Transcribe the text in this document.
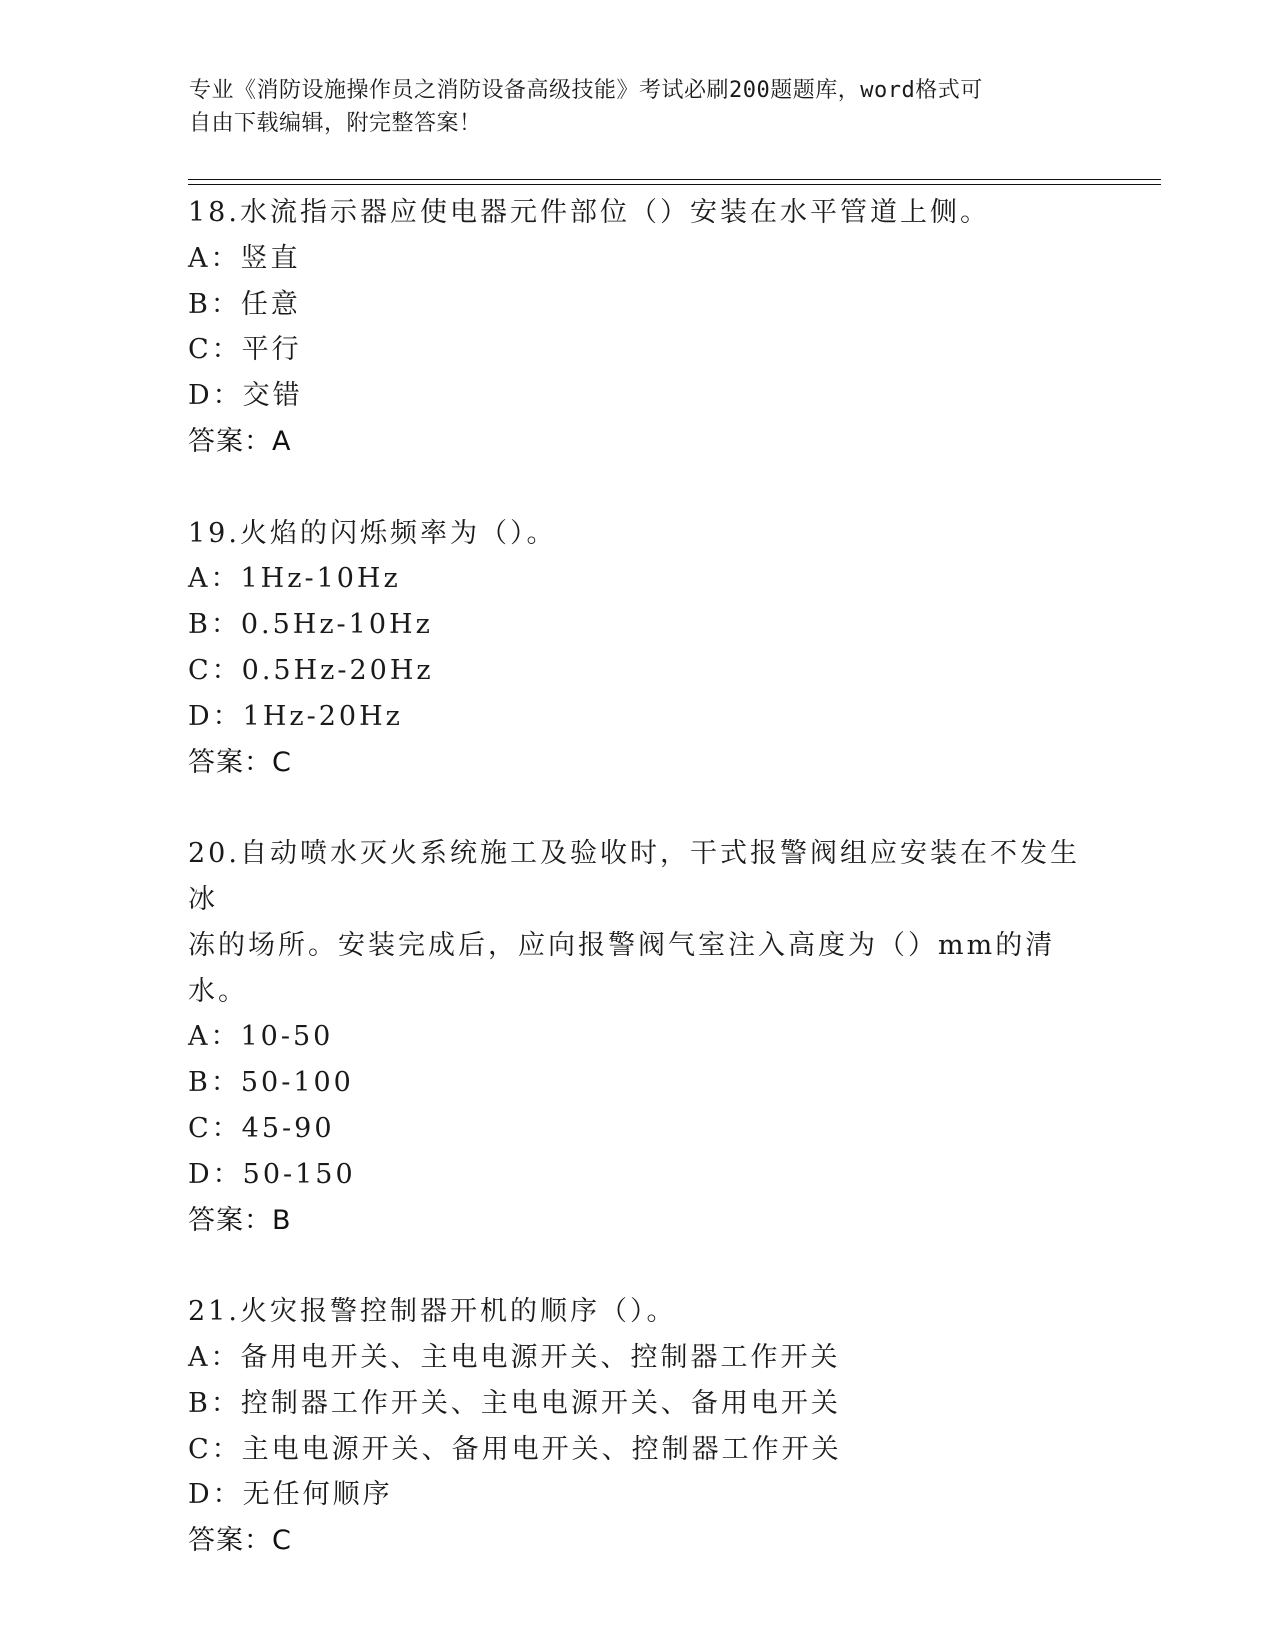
专业《消防设施操作员之消防设备高级技能》考试必刷200题题库，word格式可
自由下载编辑，附完整答案！
18.水流指示器应使电器元件部位（）安装在水平管道上侧。
A：竖直
B：任意
C：平行
D：交错
答案：A
19.火焰的闪烁频率为（）。
A：1Hz-10Hz
B：0.5Hz-10Hz
C：0.5Hz-20Hz
D：1Hz-20Hz
答案：C
20.自动喷水灭火系统施工及验收时，干式报警阀组应安装在不发生冰
冻的场所。安装完成后，应向报警阀气室注入高度为（）mm的清水。
A：10-50
B：50-100
C：45-90
D：50-150
答案：B
21.火灾报警控制器开机的顺序（）。
A：备用电开关、主电电源开关、控制器工作开关
B：控制器工作开关、主电电源开关、备用电开关
C：主电电源开关、备用电开关、控制器工作开关
D：无任何顺序
答案：C
